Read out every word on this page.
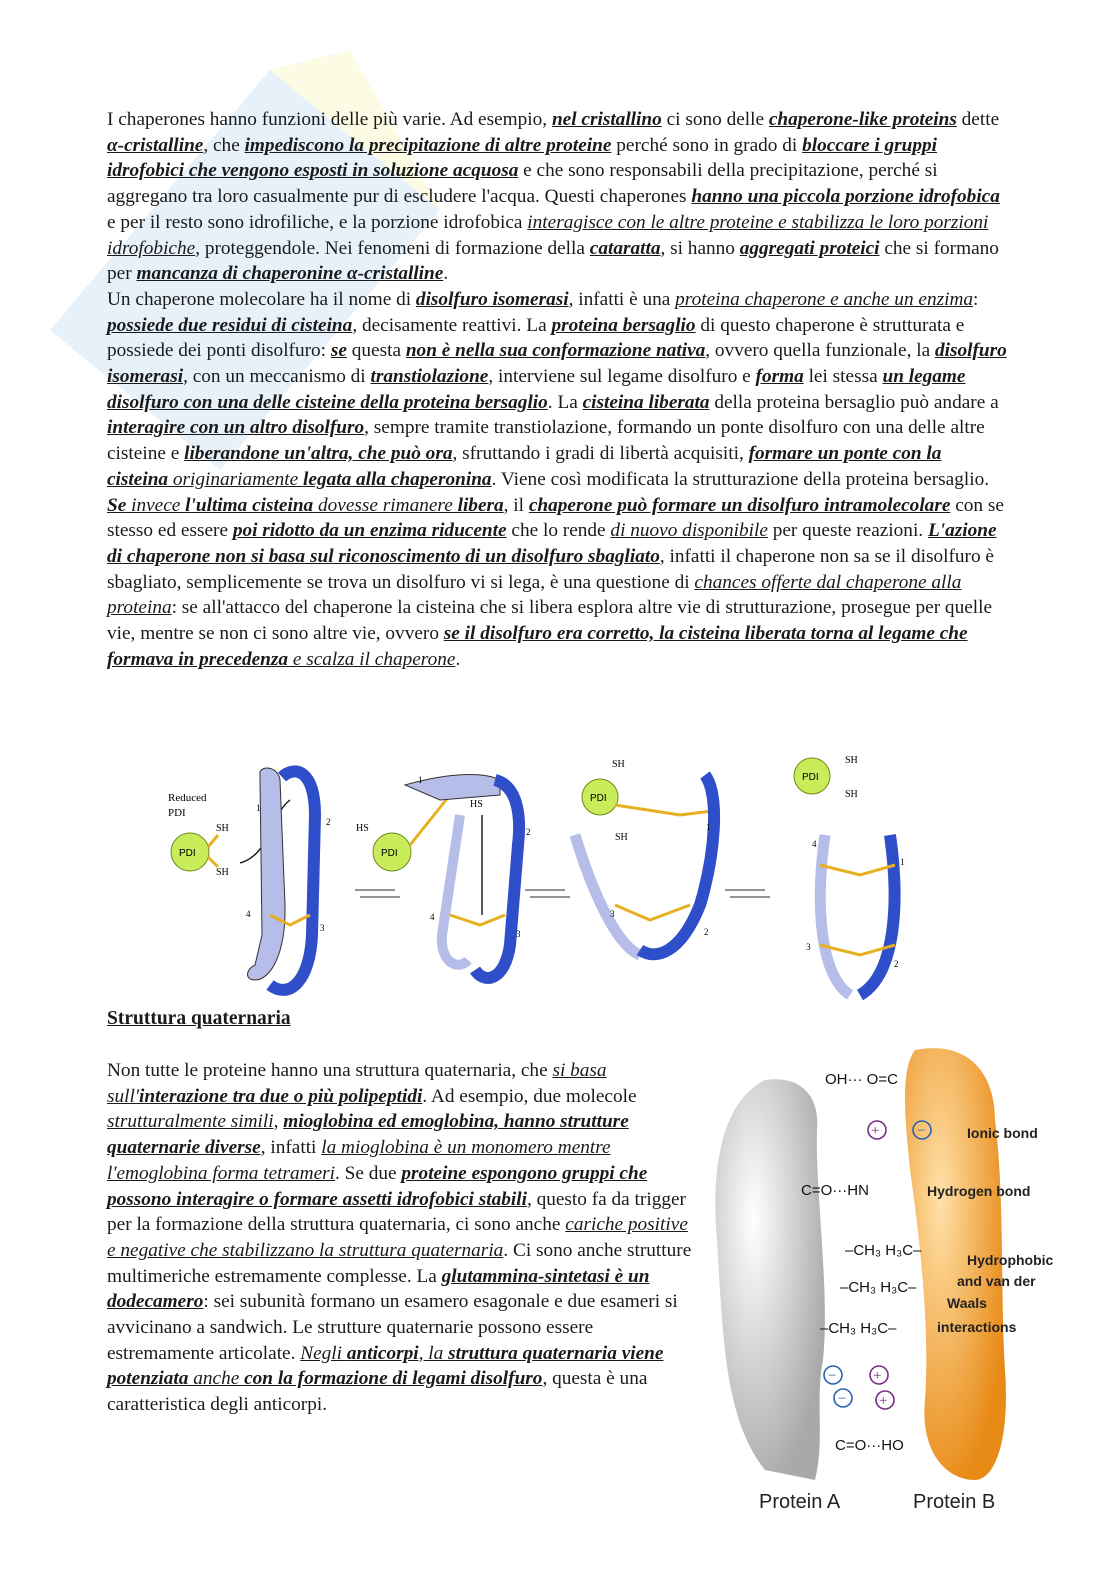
I chaperones hanno funzioni delle più varie. Ad esempio, nel cristallino ci sono delle chaperone-like proteins dette α-cristalline, che impediscono la precipitazione di altre proteine perché sono in grado di bloccare i gruppi idrofobici che vengono esposti in soluzione acquosa e che sono responsabili della precipitazione, perché si aggregano tra loro casualmente pur di escludere l'acqua. Questi chaperones hanno una piccola porzione idrofobica e per il resto sono idrofiliche, e la porzione idrofobica interagisce con le altre proteine e stabilizza le loro porzioni idrofobiche, proteggendole. Nei fenomeni di formazione della cataratta, si hanno aggregati proteici che si formano per mancanza di chaperonine α-cristalline.
Un chaperone molecolare ha il nome di disolfuro isomerasi, infatti è una proteina chaperone e anche un enzima: possiede due residui di cisteina, decisamente reattivi. La proteina bersaglio di questo chaperone è strutturata e possiede dei ponti disolfuro: se questa non è nella sua conformazione nativa, ovvero quella funzionale, la disolfuro isomerasi, con un meccanismo di transtiolazione, interviene sul legame disolfuro e forma lei stessa un legame disolfuro con una delle cisteine della proteina bersaglio. La cisteina liberata della proteina bersaglio può andare a interagire con un altro disolfuro, sempre tramite transtiolazione, formando un ponte disolfuro con una delle altre cisteine e liberandone un'altra, che può ora, sfruttando i gradi di libertà acquisiti, formare un ponte con la cisteina originariamente legata alla chaperonina. Viene così modificata la strutturazione della proteina bersaglio. Se invece l'ultima cisteina dovesse rimanere libera, il chaperone può formare un disolfuro intramolecolare con se stesso ed essere poi ridotto da un enzima riducente che lo rende di nuovo disponibile per queste reazioni. L'azione di chaperone non si basa sul riconoscimento di un disolfuro sbagliato, infatti il chaperone non sa se il disolfuro è sbagliato, semplicemente se trova un disolfuro vi si lega, è una questione di chances offerte dal chaperone alla proteina: se all'attacco del chaperone la cisteina che si libera esplora altre vie di strutturazione, prosegue per quelle vie, mentre se non ci sono altre vie, ovvero se il disolfuro era corretto, la cisteina liberata torna al legame che formava in precedenza e scalza il chaperone.
Reduced
PDI
PDI
SH
SH
1
2
4
3
HS
PDI
HS
1
2
4
3
PDI
SH
SH
3
1
2
PDI
SH
SH
4
1
3
2
Struttura quaternaria
Non tutte le proteine hanno una struttura quaternaria, che si basa sull'interazione tra due o più polipeptidi. Ad esempio, due molecole strutturalmente simili, mioglobina ed emoglobina, hanno strutture quaternarie diverse, infatti la mioglobina è un monomero mentre l'emoglobina forma tetrameri. Se due proteine espongono gruppi che possono interagire o formare assetti idrofobici stabili, questo fa da trigger per la formazione della struttura quaternaria, ci sono anche cariche positive e negative che stabilizzano la struttura quaternaria. Ci sono anche strutture multimeriche estremamente complesse. La glutammina-sintetasi è un dodecamero: sei subunità formano un esamero esagonale e due esameri si avvicinano a sandwich. Le strutture quaternarie possono essere estremamente articolate. Negli anticorpi, la struttura quaternaria viene potenziata anche con la formazione di legami disolfuro, questa è una caratteristica degli anticorpi.
OH··· O=C
C=O···HN
–CH₃ H₃C–
–CH₃ H₃C–
–CH₃ H₃C–
C=O···HO
Ionic bond
Hydrogen bond
Hydrophobic
and van der
Waals
interactions
+	−
− +
− +
Protein A	Protein B
